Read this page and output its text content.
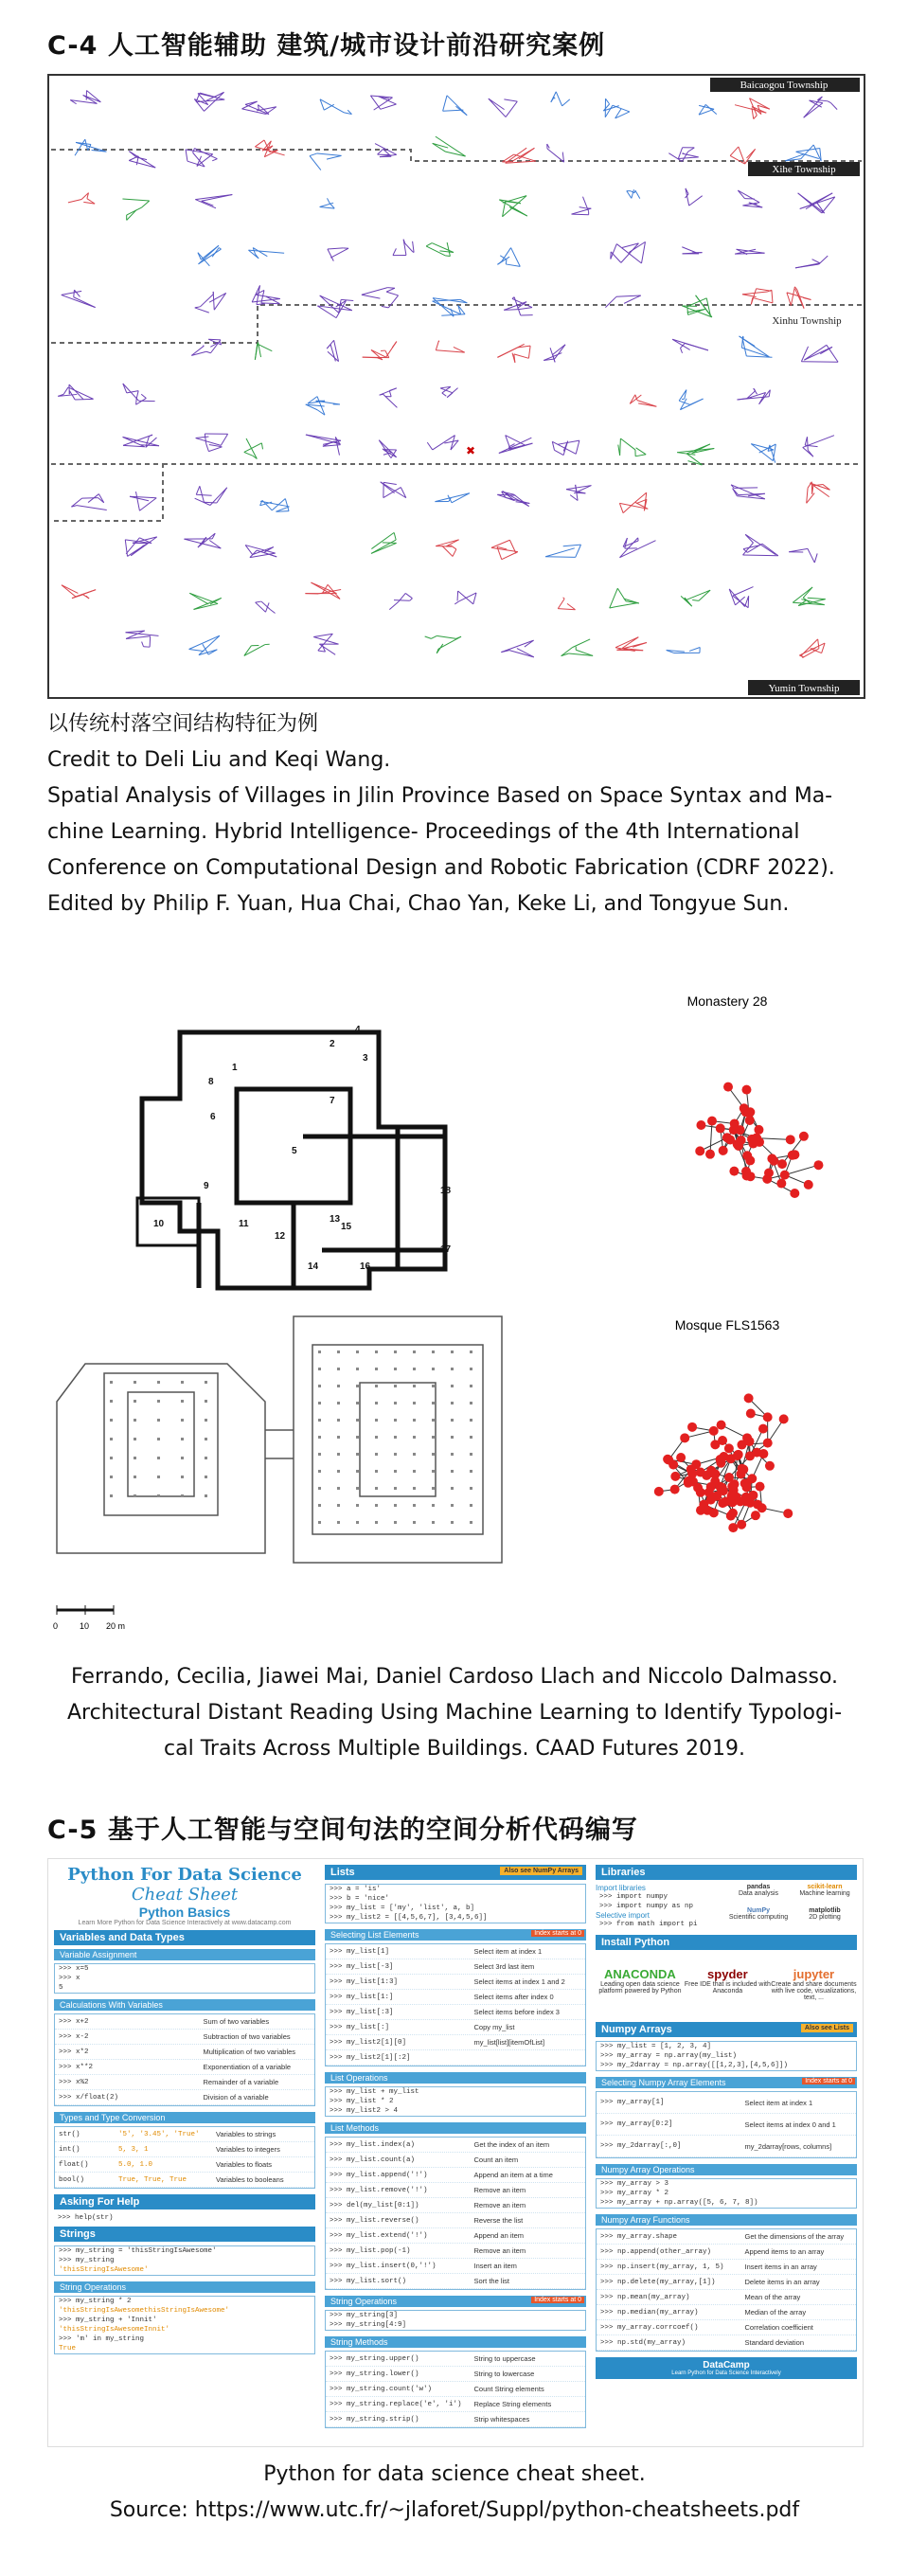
C-4 人工智能辅助 建筑/城市设计前沿研究案例
✖
Baicaogou Township
Xihe Township
Xinhu Township
Yumin Township
以传统村落空间结构特征为例
Credit to Deli Liu and Keqi Wang.
Spatial Analysis of Villages in Jilin Province Based on Space Syntax and Ma-
chine Learning. Hybrid Intelligence- Proceedings of the 4th International
Conference on Computational Design and Robotic Fabrication (CDRF 2022).
Edited by Philip F. Yuan, Hua Chai, Chao Yan, Keke Li, and Tongyue Sun.
1
2
3
4
5
6
7
8
9
10	11
12
13
14
15
16
17
18
0	10 20 m
Monastery 28
Mosque FLS1563
Ferrando, Cecilia, Jiawei Mai, Daniel Cardoso Llach and Niccolo Dalmasso.
Architectural Distant Reading Using Machine Learning to Identify Typologi-
cal Traits Across Multiple Buildings. CAAD Futures 2019.
C-5 基于人工智能与空间句法的空间分析代码编写
Python For Data Science Cheat Sheet
Python Basics
Learn More Python for Data Science Interactively at www.datacamp.com
Variables and Data Types
Variable Assignment
>>> x=5
>>> x
5
Calculations With Variables
>>> x+2	Sum of two variables
>>> x-2	Subtraction of two variables
>>> x*2	Multiplication of two variables
>>> x**2	Exponentiation of a variable
>>> x%2	Remainder of a variable
>>> x/float(2)	Division of a variable
Types and Type Conversion
str()	'5', '3.45', 'True'	Variables to strings
int()	5, 3, 1	Variables to integers
float()	5.0, 1.0	Variables to floats
bool()	True, True, True	Variables to booleans
Asking For Help
>>> help(str)
Strings
>>> my_string = 'thisStringIsAwesome'
>>> my_string
'thisStringIsAwesome'
String Operations
>>> my_string * 2
'thisStringIsAwesomethisStringIsAwesome'
>>> my_string + 'Innit'
'thisStringIsAwesomeInnit'
>>> 'm' in my_string
True
Lists	Also see NumPy Arrays
>>> a = 'is'
>>> b = 'nice'
>>> my_list = ['my', 'list', a, b]
>>> my_list2 = [[4,5,6,7], [3,4,5,6]]
Selecting List Elements	Index starts at 0
>>> my_list[1]	Select item at index 1
>>> my_list[-3]	Select 3rd last item
>>> my_list[1:3]	Select items at index 1 and 2
>>> my_list[1:]	Select items after index 0
>>> my_list[:3]	Select items before index 3
>>> my_list[:]	Copy my_list
>>> my_list2[1][0]	my_list[list][itemOfList]
>>> my_list2[1][:2]
List Operations
>>> my_list + my_list
>>> my_list * 2
>>> my_list2 > 4
List Methods
>>> my_list.index(a)	Get the index of an item
>>> my_list.count(a)	Count an item
>>> my_list.append('!')	Append an item at a time
>>> my_list.remove('!')	Remove an item
>>> del(my_list[0:1])	Remove an item
>>> my_list.reverse()	Reverse the list
>>> my_list.extend('!')	Append an item
>>> my_list.pop(-1)	Remove an item
>>> my_list.insert(0,'!')	Insert an item
>>> my_list.sort()	Sort the list
String Operations	Index starts at 0
>>> my_string[3]
>>> my_string[4:9]
String Methods
>>> my_string.upper()	String to uppercase
>>> my_string.lower()	String to lowercase
>>> my_string.count('w')	Count String elements
>>> my_string.replace('e', 'i')	Replace String elements
>>> my_string.strip()	Strip whitespaces
Libraries
Import libraries
>>> import numpy
>>> import numpy as np
Selective import
>>> from math import pi
pandas
Data analysis
scikit-learn
Machine learning
NumPy
Scientific computing
matplotlib
2D plotting
Install Python
ANACONDA
Leading open data science platform powered by Python
spyder
Free IDE that is included with Anaconda
jupyter
Create and share documents with live code, visualizations, text, ...
Numpy Arrays	Also see Lists
>>> my_list = [1, 2, 3, 4]
>>> my_array = np.array(my_list)
>>> my_2darray = np.array([[1,2,3],[4,5,6]])
Selecting Numpy Array Elements	Index starts at 0
>>> my_array[1]	Select item at index 1
>>> my_array[0:2]	Select items at index 0 and 1
>>> my_2darray[:,0]	my_2darray[rows, columns]
Numpy Array Operations
>>> my_array > 3
>>> my_array * 2
>>> my_array + np.array([5, 6, 7, 8])
Numpy Array Functions
>>> my_array.shape	Get the dimensions of the array
>>> np.append(other_array)	Append items to an array
>>> np.insert(my_array, 1, 5)	Insert items in an array
>>> np.delete(my_array,[1])	Delete items in an array
>>> np.mean(my_array)	Mean of the array
>>> np.median(my_array)	Median of the array
>>> my_array.corrcoef()	Correlation coefficient
>>> np.std(my_array)	Standard deviation
DataCamp
Learn Python for Data Science Interactively
Python for data science cheat sheet.
Source: https://www.utc.fr/~jlaforet/Suppl/python-cheatsheets.pdf
